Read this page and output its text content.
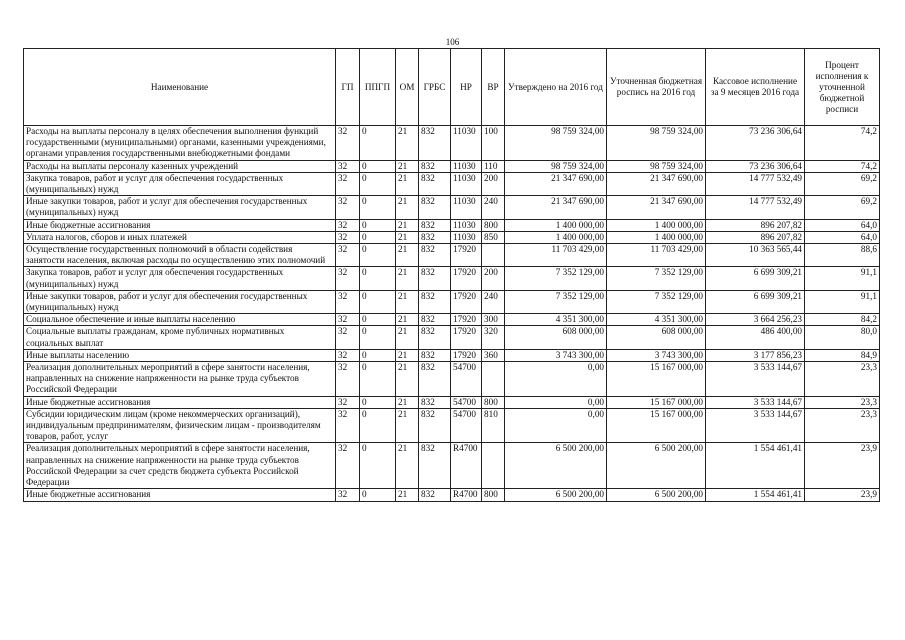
106
Наименование	ГП	ППГП	ОМ	ГРБС	НР	ВР	Утверждено на 2016 год	Уточненная бюджетная роспись на 2016 год	Кассовое исполнение за 9 месяцев 2016 года	Процент исполнения к уточненной бюджетной росписи
Расходы на выплаты персоналу в целях обеспечения выполнения функций государственными (муниципальными) органами, казенными учреждениями, органами управления государственными внебюджетными фондами	32	0	21	832	11030	100	98 759 324,00	98 759 324,00	73 236 306,64	74,2
Расходы на выплаты персоналу казенных учреждений	32	0	21	832	11030	110	98 759 324,00	98 759 324,00	73 236 306,64	74,2
Закупка товаров, работ и услуг для обеспечения государственных (муниципальных) нужд	32	0	21	832	11030	200	21 347 690,00	21 347 690,00	14 777 532,49	69,2
Иные закупки товаров, работ и услуг для обеспечения государственных (муниципальных) нужд	32	0	21	832	11030	240	21 347 690,00	21 347 690,00	14 777 532,49	69,2
Иные бюджетные ассигнования	32	0	21	832	11030	800	1 400 000,00	1 400 000,00	896 207,82	64,0
Уплата налогов, сборов и иных платежей	32	0	21	832	11030	850	1 400 000,00	1 400 000,00	896 207,82	64,0
Осуществление государственных полномочий в области содействия занятости населения, включая расходы по осуществлению этих полномочий	32	0	21	832	17920		11 703 429,00	11 703 429,00	10 363 565,44	88,6
Закупка товаров, работ и услуг для обеспечения государственных (муниципальных) нужд	32	0	21	832	17920	200	7 352 129,00	7 352 129,00	6 699 309,21	91,1
Иные закупки товаров, работ и услуг для обеспечения государственных (муниципальных) нужд	32	0	21	832	17920	240	7 352 129,00	7 352 129,00	6 699 309,21	91,1
Социальное обеспечение и иные выплаты населению	32	0	21	832	17920	300	4 351 300,00	4 351 300,00	3 664 256,23	84,2
Социальные выплаты гражданам, кроме публичных нормативных социальных выплат	32	0	21	832	17920	320	608 000,00	608 000,00	486 400,00	80,0
Иные выплаты населению	32	0	21	832	17920	360	3 743 300,00	3 743 300,00	3 177 856,23	84,9
Реализация дополнительных мероприятий в сфере занятости населения, направленных на снижение напряженности на рынке труда субъектов Российской Федерации	32	0	21	832	54700		0,00	15 167 000,00	3 533 144,67	23,3
Иные бюджетные ассигнования	32	0	21	832	54700	800	0,00	15 167 000,00	3 533 144,67	23,3
Субсидии юридическим лицам (кроме некоммерческих организаций), индивидуальным предпринимателям, физическим лицам - производителям товаров, работ, услуг	32	0	21	832	54700	810	0,00	15 167 000,00	3 533 144,67	23,3
Реализация дополнительных мероприятий в сфере занятости населения, направленных на снижение напряженности на рынке труда субъектов Российской Федерации за счет средств бюджета субъекта Российской Федерации	32	0	21	832	R4700		6 500 200,00	6 500 200,00	1 554 461,41	23,9
Иные бюджетные ассигнования	32	0	21	832	R4700	800	6 500 200,00	6 500 200,00	1 554 461,41	23,9
